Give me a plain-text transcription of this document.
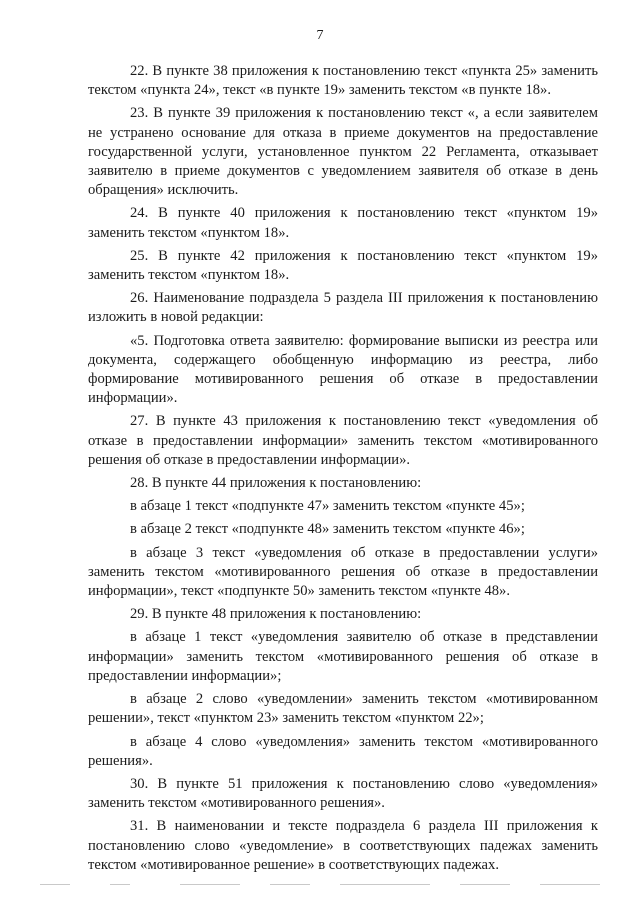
7

22. В пункте 38 приложения к постановлению текст «пункта 25» заменить текстом «пункта 24», текст «в пункте 19» заменить текстом «в пункте 18».

23. В пункте 39 приложения к постановлению текст «, а если заявителем не устранено основание для отказа в приеме документов на предоставление государственной услуги, установленное пунктом 22 Регламента, отказывает заявителю в приеме документов с уведомлением заявителя об отказе в день обращения» исключить.

24. В пункте 40 приложения к постановлению текст «пунктом 19» заменить текстом «пунктом 18».

25. В пункте 42 приложения к постановлению текст «пунктом 19» заменить текстом «пунктом 18».

26. Наименование подраздела 5 раздела III приложения к постановлению изложить в новой редакции:

«5. Подготовка ответа заявителю: формирование выписки из реестра или документа, содержащего обобщенную информацию из реестра, либо формирование мотивированного решения об отказе в предоставлении информации».

27. В пункте 43 приложения к постановлению текст «уведомления об отказе в предоставлении информации» заменить текстом «мотивированного решения об отказе в предоставлении информации».

28. В пункте 44 приложения к постановлению:

в абзаце 1 текст «подпункте 47» заменить текстом «пункте 45»;

в абзаце 2 текст «подпункте 48» заменить текстом «пункте 46»;

в абзаце 3 текст «уведомления об отказе в предоставлении услуги» заменить текстом «мотивированного решения об отказе в предоставлении информации», текст «подпункте 50» заменить текстом «пункте 48».

29. В пункте 48 приложения к постановлению:

в абзаце 1 текст «уведомления заявителю об отказе в представлении информации» заменить текстом «мотивированного решения об отказе в предоставлении информации»;

в абзаце 2 слово «уведомлении» заменить текстом «мотивированном решении», текст «пунктом 23» заменить текстом «пунктом 22»;

в абзаце 4 слово «уведомления» заменить текстом «мотивированного решения».

30. В пункте 51 приложения к постановлению слово «уведомления» заменить текстом «мотивированного решения».

31. В наименовании и тексте подраздела 6 раздела III приложения к постановлению слово «уведомление» в соответствующих падежах заменить текстом «мотивированное решение» в соответствующих падежах.
